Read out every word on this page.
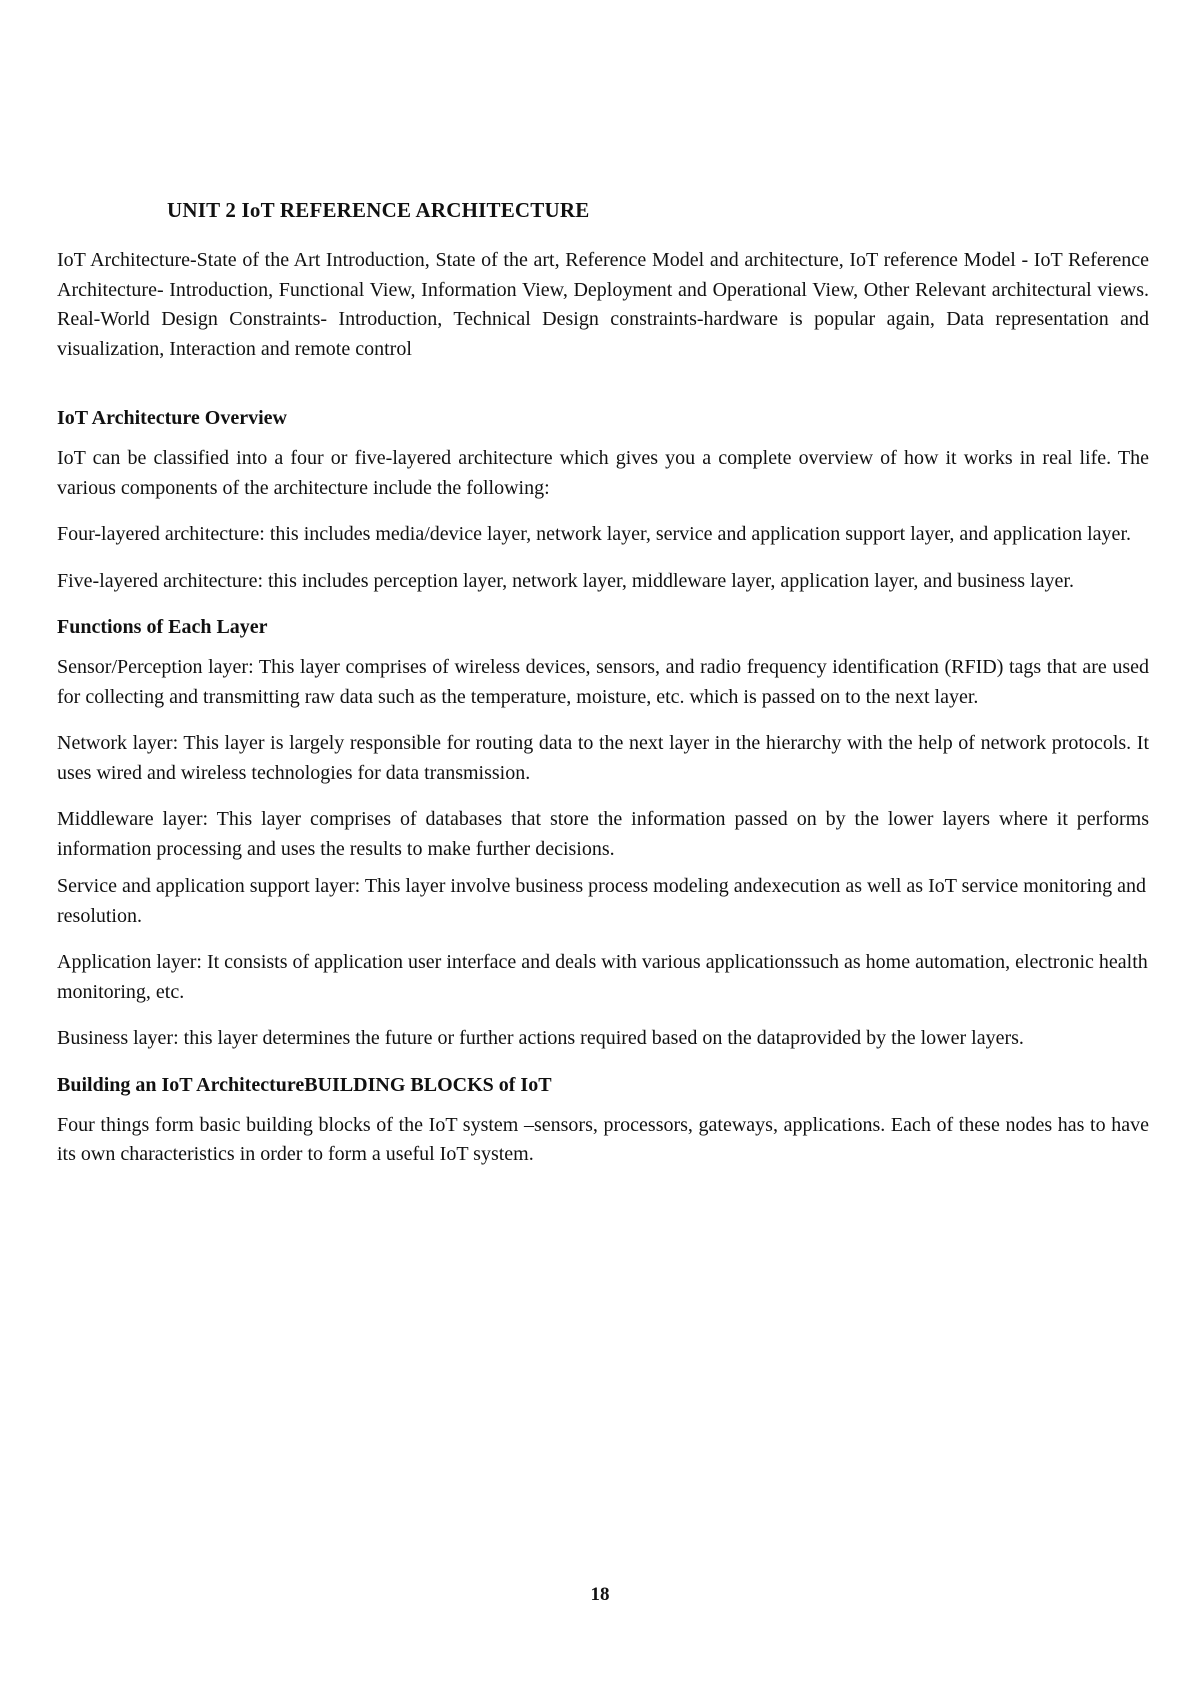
UNIT 2 IoT REFERENCE ARCHITECTURE

IoT Architecture-State of the Art Introduction, State of the art, Reference Model and architecture, IoT reference Model - IoT Reference Architecture- Introduction, Functional View, Information View, Deployment and Operational View, Other Relevant architectural views. Real-World Design Constraints- Introduction, Technical Design constraints-hardware is popular again, Data representation and visualization, Interaction and remote control

IoT Architecture Overview

IoT can be classified into a four or five-layered architecture which gives you a complete overview of how it works in real life. The various components of the architecture include the following:

Four-layered architecture: this includes media/device layer, network layer, service and application support layer, and application layer.

Five-layered architecture: this includes perception layer, network layer, middleware layer, application layer, and business layer.

Functions of Each Layer

Sensor/Perception layer: This layer comprises of wireless devices, sensors, and radio frequency identification (RFID) tags that are used for collecting and transmitting raw data such as the temperature, moisture, etc. which is passed on to the next layer.

Network layer: This layer is largely responsible for routing data to the next layer in the hierarchy with the help of network protocols. It uses wired and wireless technologies for data transmission.

Middleware layer: This layer comprises of databases that store the information passed on by the lower layers where it performs information processing and uses the results to make further decisions.

Service and application support layer: This layer involve business process modeling andexecution as well as IoT service monitoring and resolution.

Application layer: It consists of application user interface and deals with various applicationssuch as home automation, electronic health monitoring, etc.

Business layer: this layer determines the future or further actions required based on the dataprovided by the lower layers.

Building an IoT ArchitectureBUILDING BLOCKS of IoT

Four things form basic building blocks of the IoT system –sensors, processors, gateways, applications. Each of these nodes has to have its own characteristics in order to form a useful IoT system.

18
